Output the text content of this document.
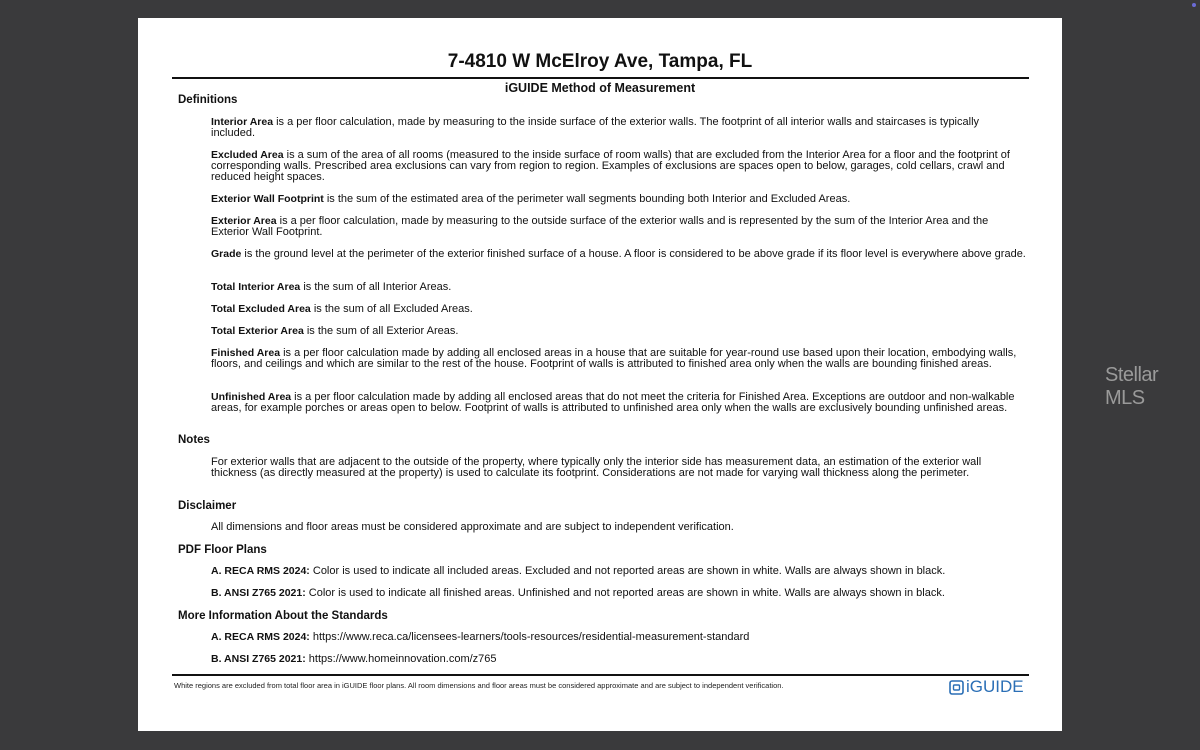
7-4810 W McElroy Ave, Tampa, FL
iGUIDE Method of Measurement
Definitions
Interior Area is a per floor calculation, made by measuring to the inside surface of the exterior walls. The footprint of all interior walls and staircases is typically included.
Excluded Area is a sum of the area of all rooms (measured to the inside surface of room walls) that are excluded from the Interior Area for a floor and the footprint of corresponding walls. Prescribed area exclusions can vary from region to region. Examples of exclusions are spaces open to below, garages, cold cellars, crawl and reduced height spaces.
Exterior Wall Footprint is the sum of the estimated area of the perimeter wall segments bounding both Interior and Excluded Areas.
Exterior Area is a per floor calculation, made by measuring to the outside surface of the exterior walls and is represented by the sum of the Interior Area and the Exterior Wall Footprint.
Grade is the ground level at the perimeter of the exterior finished surface of a house. A floor is considered to be above grade if its floor level is everywhere above grade.
Total Interior Area is the sum of all Interior Areas.
Total Excluded Area is the sum of all Excluded Areas.
Total Exterior Area is the sum of all Exterior Areas.
Finished Area is a per floor calculation made by adding all enclosed areas in a house that are suitable for year-round use based upon their location, embodying walls, floors, and ceilings and which are similar to the rest of the house. Footprint of walls is attributed to finished area only when the walls are bounding finished areas.
Unfinished Area is a per floor calculation made by adding all enclosed areas that do not meet the criteria for Finished Area. Exceptions are outdoor and non-walkable areas, for example porches or areas open to below. Footprint of walls is attributed to unfinished area only when the walls are exclusively bounding unfinished areas.
Notes
For exterior walls that are adjacent to the outside of the property, where typically only the interior side has measurement data, an estimation of the exterior wall thickness (as directly measured at the property) is used to calculate its footprint. Considerations are not made for varying wall thickness along the perimeter.
Disclaimer
All dimensions and floor areas must be considered approximate and are subject to independent verification.
PDF Floor Plans
A. RECA RMS 2024: Color is used to indicate all included areas. Excluded and not reported areas are shown in white. Walls are always shown in black.
B. ANSI Z765 2021: Color is used to indicate all finished areas. Unfinished and not reported areas are shown in white. Walls are always shown in black.
More Information About the Standards
A. RECA RMS 2024: https://www.reca.ca/licensees-learners/tools-resources/residential-measurement-standard
B. ANSI Z765 2021: https://www.homeinnovation.com/z765
White regions are excluded from total floor area in iGUIDE floor plans. All room dimensions and floor areas must be considered approximate and are subject to independent verification.	iGUIDE
Stellar MLS
